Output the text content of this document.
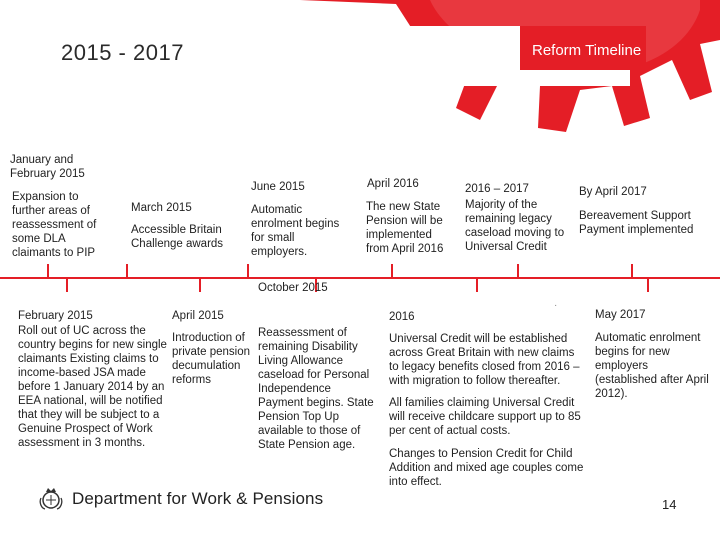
2015 - 2017	Reform Timeline
January and February 2015
Expansion to further areas of reassessment of some DLA claimants to PIP
March 2015
Accessible Britain Challenge awards
June 2015
Automatic enrolment begins for small employers.
April 2016
The new State Pension will be implemented from April 2016
2016 – 2017
Majority of the remaining legacy caseload moving to Universal Credit
By April 2017
Bereavement Support Payment implemented
·
February 2015
Roll out of UC across the country begins for new single claimants Existing claims to income-based JSA made before 1 January 2014 by an EEA national, will be notified that they will be subject to a Genuine Prospect of Work assessment in 3 months.
April 2015
Introduction of private pension decumulation reforms
October 2015
Reassessment of remaining Disability Living Allowance caseload for Personal Independence Payment begins. State Pension Top Up available to those of State Pension age.
2016
Universal Credit will be established across Great Britain with new claims to legacy benefits closed from 2016 – with migration to follow thereafter.
All families claiming Universal Credit will receive childcare support up to 85 per cent of actual costs.
Changes to Pension Credit for Child Addition and mixed age couples come into effect.
May 2017
Automatic enrolment begins for new employers (established after April 2012).
Department for Work & Pensions	14
